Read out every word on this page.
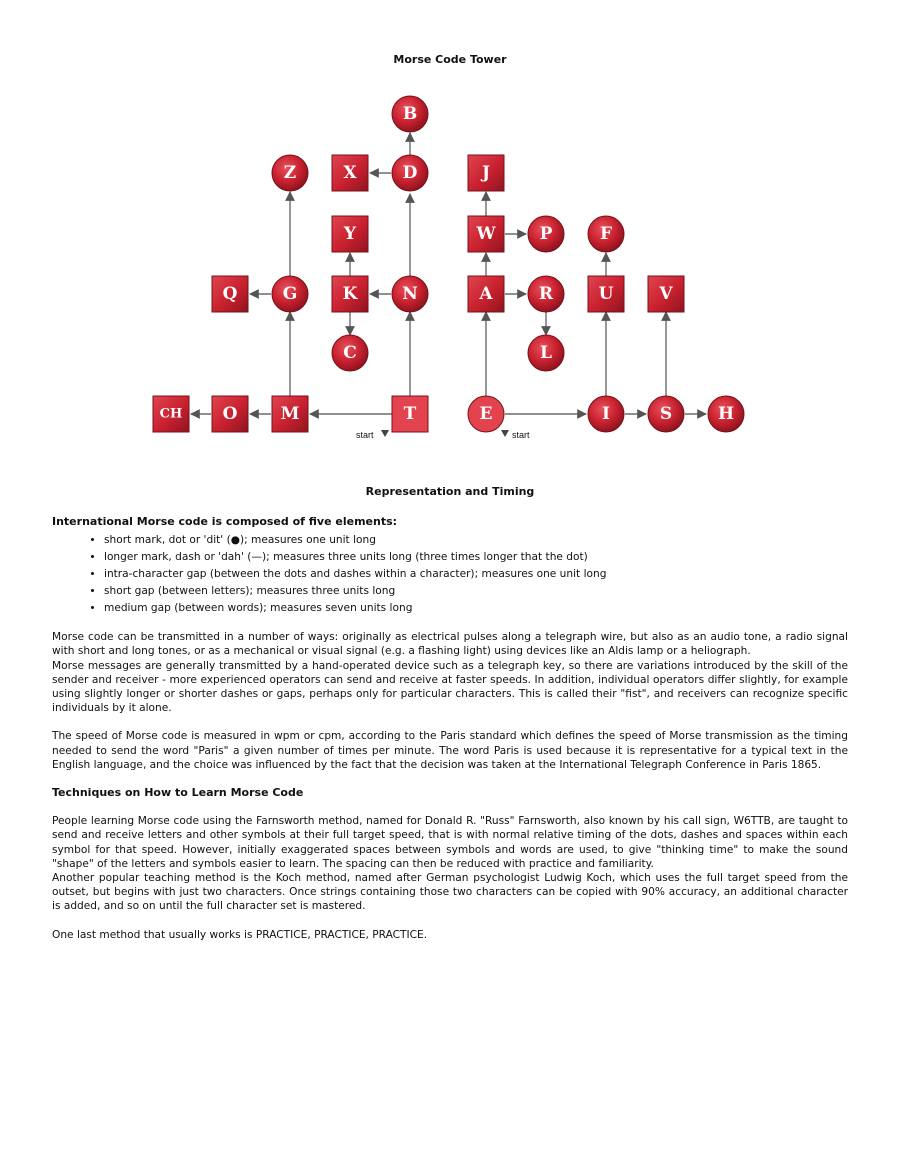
Morse Code Tower
start	start
B
Z	X	D	J
Y	W	P	F
Q	G	K	N	A	R	U	V
C	L
CH O	M	T	E	I	S	H
Representation and Timing
International Morse code is composed of five elements:
• short mark, dot or 'dit' (●); measures one unit long
• longer mark, dash or 'dah' (—); measures three units long (three times longer that the dot)
• intra-character gap (between the dots and dashes within a character); measures one unit long
• short gap (between letters); measures three units long
• medium gap (between words); measures seven units long

Morse code can be transmitted in a number of ways: originally as electrical pulses along a telegraph wire, but also as an audio tone, a radio signal with short and long tones, or as a mechanical or visual signal (e.g. a flashing light) using devices like an Aldis lamp or a heliograph.

Morse messages are generally transmitted by a hand-operated device such as a telegraph key, so there are variations introduced by the skill of the sender and receiver - more experienced operators can send and receive at faster speeds. In addition, individual operators differ slightly, for example using slightly longer or shorter dashes or gaps, perhaps only for particular characters. This is called their "fist", and receivers can recognize specific individuals by it alone.

The speed of Morse code is measured in wpm or cpm, according to the Paris standard which defines the speed of Morse transmission as the timing needed to send the word "Paris" a given number of times per minute. The word Paris is used because it is representative for a typical text in the English language, and the choice was influenced by the fact that the decision was taken at the International Telegraph Conference in Paris 1865.

Techniques on How to Learn Morse Code

People learning Morse code using the Farnsworth method, named for Donald R. "Russ" Farnsworth, also known by his call sign, W6TTB, are taught to send and receive letters and other symbols at their full target speed, that is with normal relative timing of the dots, dashes and spaces within each symbol for that speed. However, initially exaggerated spaces between symbols and words are used, to give "thinking time" to make the sound "shape" of the letters and symbols easier to learn. The spacing can then be reduced with practice and familiarity.

Another popular teaching method is the Koch method, named after German psychologist Ludwig Koch, which uses the full target speed from the outset, but begins with just two characters. Once strings containing those two characters can be copied with 90% accuracy, an additional character is added, and so on until the full character set is mastered.

One last method that usually works is PRACTICE, PRACTICE, PRACTICE.
